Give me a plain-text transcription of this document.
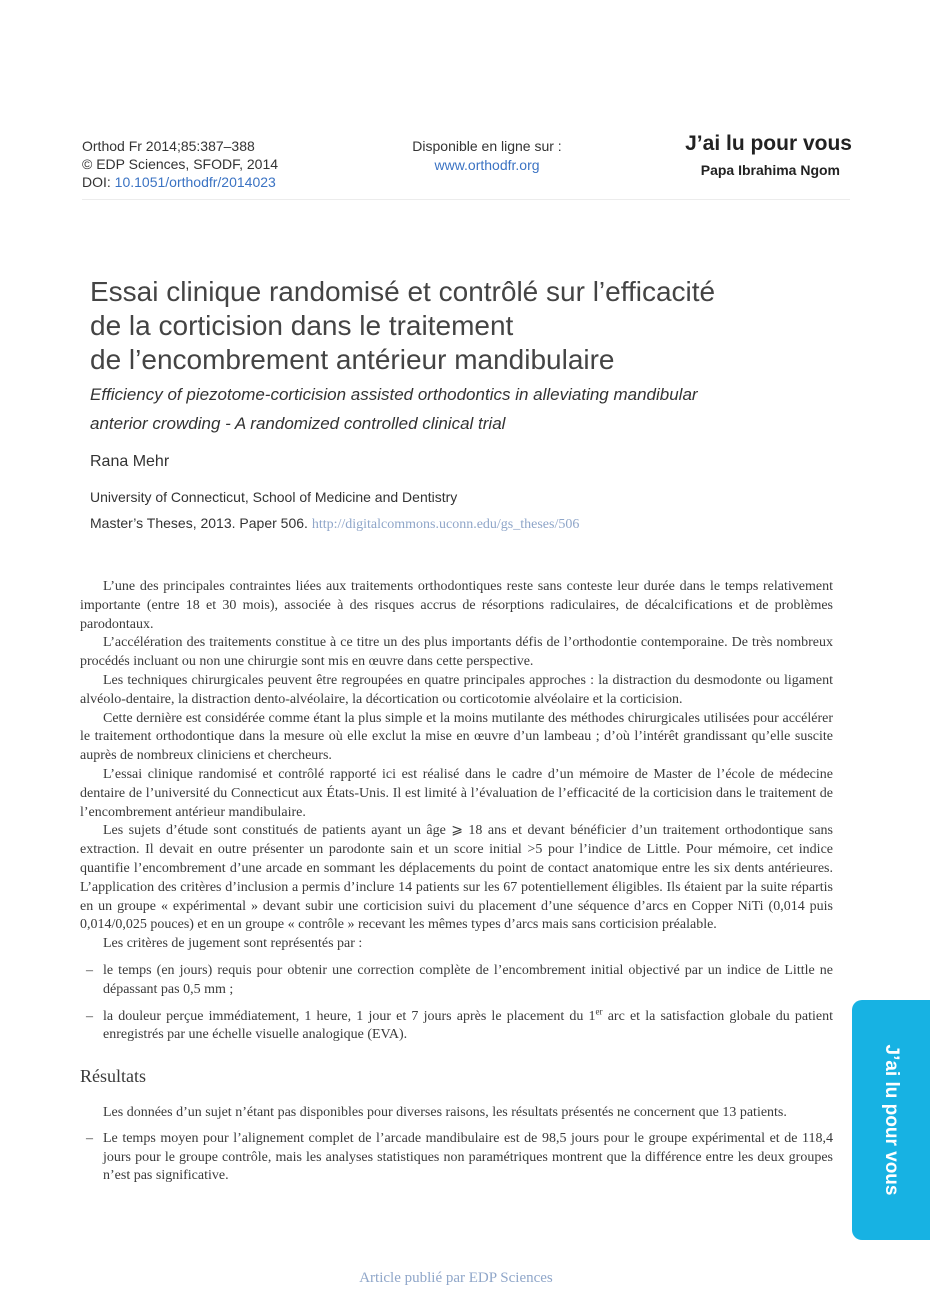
Orthod Fr 2014;85:387–388
© EDP Sciences, SFODF, 2014
DOI: 10.1051/orthodfr/2014023
Disponible en ligne sur :
www.orthodfr.org
J’ai lu pour vous
Papa Ibrahima Ngom
Essai clinique randomisé et contrôlé sur l’efficacité
de la corticision dans le traitement
de l’encombrement antérieur mandibulaire
Efficiency of piezotome-corticision assisted orthodontics in alleviating mandibular
anterior crowding - A randomized controlled clinical trial
Rana Mehr
University of Connecticut, School of Medicine and Dentistry
Master’s Theses, 2013. Paper 506. http://digitalcommons.uconn.edu/gs_theses/506

L’une des principales contraintes liées aux traitements orthodontiques reste sans conteste leur durée dans le temps relativement importante (entre 18 et 30 mois), associée à des risques accrus de résorptions radiculaires, de décalcifications et de problèmes parodontaux.

L’accélération des traitements constitue à ce titre un des plus importants défis de l’orthodontie contemporaine. De très nombreux procédés incluant ou non une chirurgie sont mis en œuvre dans cette perspective.

Les techniques chirurgicales peuvent être regroupées en quatre principales approches : la distraction du desmodonte ou ligament alvéolo-dentaire, la distraction dento-alvéolaire, la décortication ou corticotomie alvéolaire et la corticision.

Cette dernière est considérée comme étant la plus simple et la moins mutilante des méthodes chirurgicales utilisées pour accélérer le traitement orthodontique dans la mesure où elle exclut la mise en œuvre d’un lambeau ; d’où l’intérêt grandissant qu’elle suscite auprès de nombreux cliniciens et chercheurs.

L’essai clinique randomisé et contrôlé rapporté ici est réalisé dans le cadre d’un mémoire de Master de l’école de médecine dentaire de l’université du Connecticut aux États-Unis. Il est limité à l’évaluation de l’efficacité de la corticision dans le traitement de l’encombrement antérieur mandibulaire.

Les sujets d’étude sont constitués de patients ayant un âge ⩾ 18 ans et devant bénéficier d’un traitement orthodontique sans extraction. Il devait en outre présenter un parodonte sain et un score initial >5 pour l’indice de Little. Pour mémoire, cet indice quantifie l’encombrement d’une arcade en sommant les déplacements du point de contact anatomique entre les six dents antérieures. L’application des critères d’inclusion a permis d’inclure 14 patients sur les 67 potentiellement éligibles. Ils étaient par la suite répartis en un groupe « expérimental » devant subir une corticision suivi du placement d’une séquence d’arcs en Copper NiTi (0,014 puis 0,014/0,025 pouces) et en un groupe « contrôle » recevant les mêmes types d’arcs mais sans corticision préalable.

Les critères de jugement sont représentés par :

– le temps (en jours) requis pour obtenir une correction complète de l’encombrement initial objectivé par un indice de Little ne dépassant pas 0,5 mm ;
– la douleur perçue immédiatement, 1 heure, 1 jour et 7 jours après le placement du 1er arc et la satisfaction globale du patient enregistrés par une échelle visuelle analogique (EVA).
Résultats

Les données d’un sujet n’étant pas disponibles pour diverses raisons, les résultats présentés ne concernent que 13 patients.

– Le temps moyen pour l’alignement complet de l’arcade mandibulaire est de 98,5 jours pour le groupe expérimental et de 118,4 jours pour le groupe contrôle, mais les analyses statistiques non paramétriques montrent que la différence entre les deux groupes n’est pas significative.	J’ai lu pour vous
Article publié par EDP Sciences
